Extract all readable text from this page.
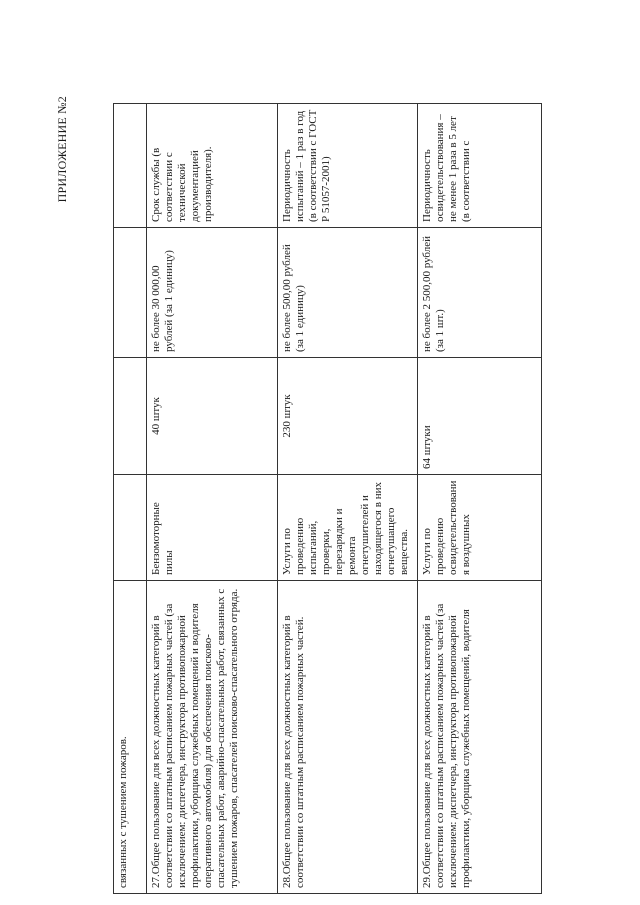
связанных с тушением пожаров.				
27.Общее пользование для всех должностных категорий в соответствии со штатным расписанием пожарных частей (за исключением: диспетчера, инструктора противопожарной профилактики, уборщика служебных помещений и водителя оперативного автомобиля) для обеспечения поисково-спасательных работ, аварийно-спасательных работ, связанных с тушением пожаров, спасателей поисково-спасательного отряда.	Бензомоторные пилы	40 штук	не более 30 000,00 рублей (за 1 единицу)	Срок службы (в соответствии с технической документацией производителя).
28.Общее пользование для всех должностных категорий в соответствии со штатным расписанием пожарных частей.	Услуги по проведению испытаний, проверки, перезарядки и ремонта огнетушителей и находящегося в них огнетушащего вещества.	230 штук	не более 500,00 рублей (за 1 единицу)	Периодичность испытаний – 1 раз в год (в соответствии с ГОСТ Р 51057-2001)
29.Общее пользование для всех должностных категорий в соответствии со штатным расписанием пожарных частей (за исключением: диспетчера, инструктора противопожарной профилактики, уборщика служебных помещений, водителя	Услуги по проведению освидетельствовани я воздушных	64 штуки	не более 2 500,00 рублей (за 1 шт.)	Периодичность освидетельствования – не менее 1 раза в 5 лет (в соответствии с
ПРИЛОЖЕНИЕ №2
